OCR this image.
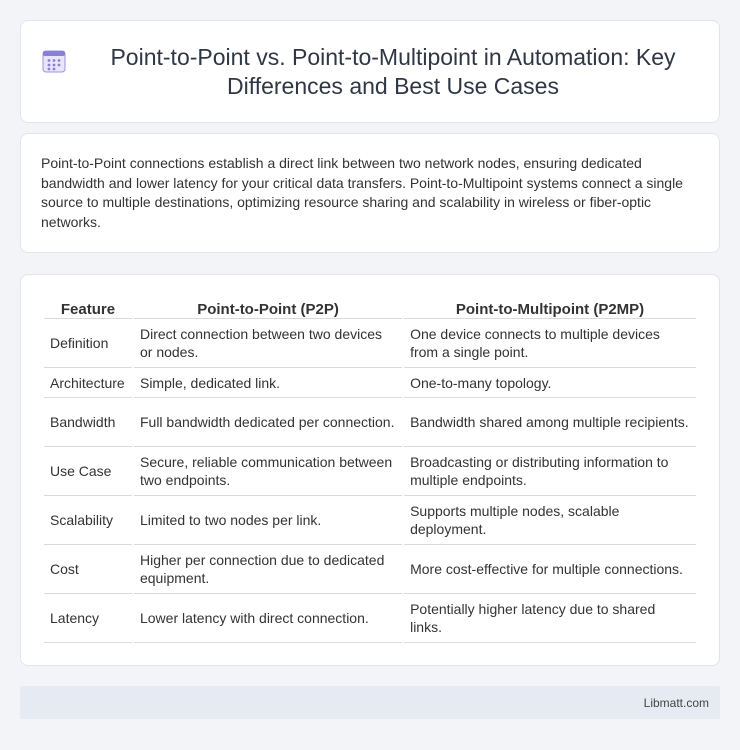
Point-to-Point vs. Point-to-Multipoint in Automation: Key Differences and Best Use Cases

Point-to-Point connections establish a direct link between two network nodes, ensuring dedicated bandwidth and lower latency for your critical data transfers. Point-to-Multipoint systems connect a single source to multiple destinations, optimizing resource sharing and scalability in wireless or fiber-optic networks.

Feature	Point-to-Point (P2P)	Point-to-Multipoint (P2MP)
Definition	Direct connection between two devices or nodes.	One device connects to multiple devices from a single point.
Architecture	Simple, dedicated link.	One-to-many topology.
Bandwidth	Full bandwidth dedicated per connection.	Bandwidth shared among multiple recipients.
Use Case	Secure, reliable communication between two endpoints.	Broadcasting or distributing information to multiple endpoints.
Scalability	Limited to two nodes per link.	Supports multiple nodes, scalable deployment.
Cost	Higher per connection due to dedicated equipment.	More cost-effective for multiple connections.
Latency	Lower latency with direct connection.	Potentially higher latency due to shared links.
Libmatt.com
